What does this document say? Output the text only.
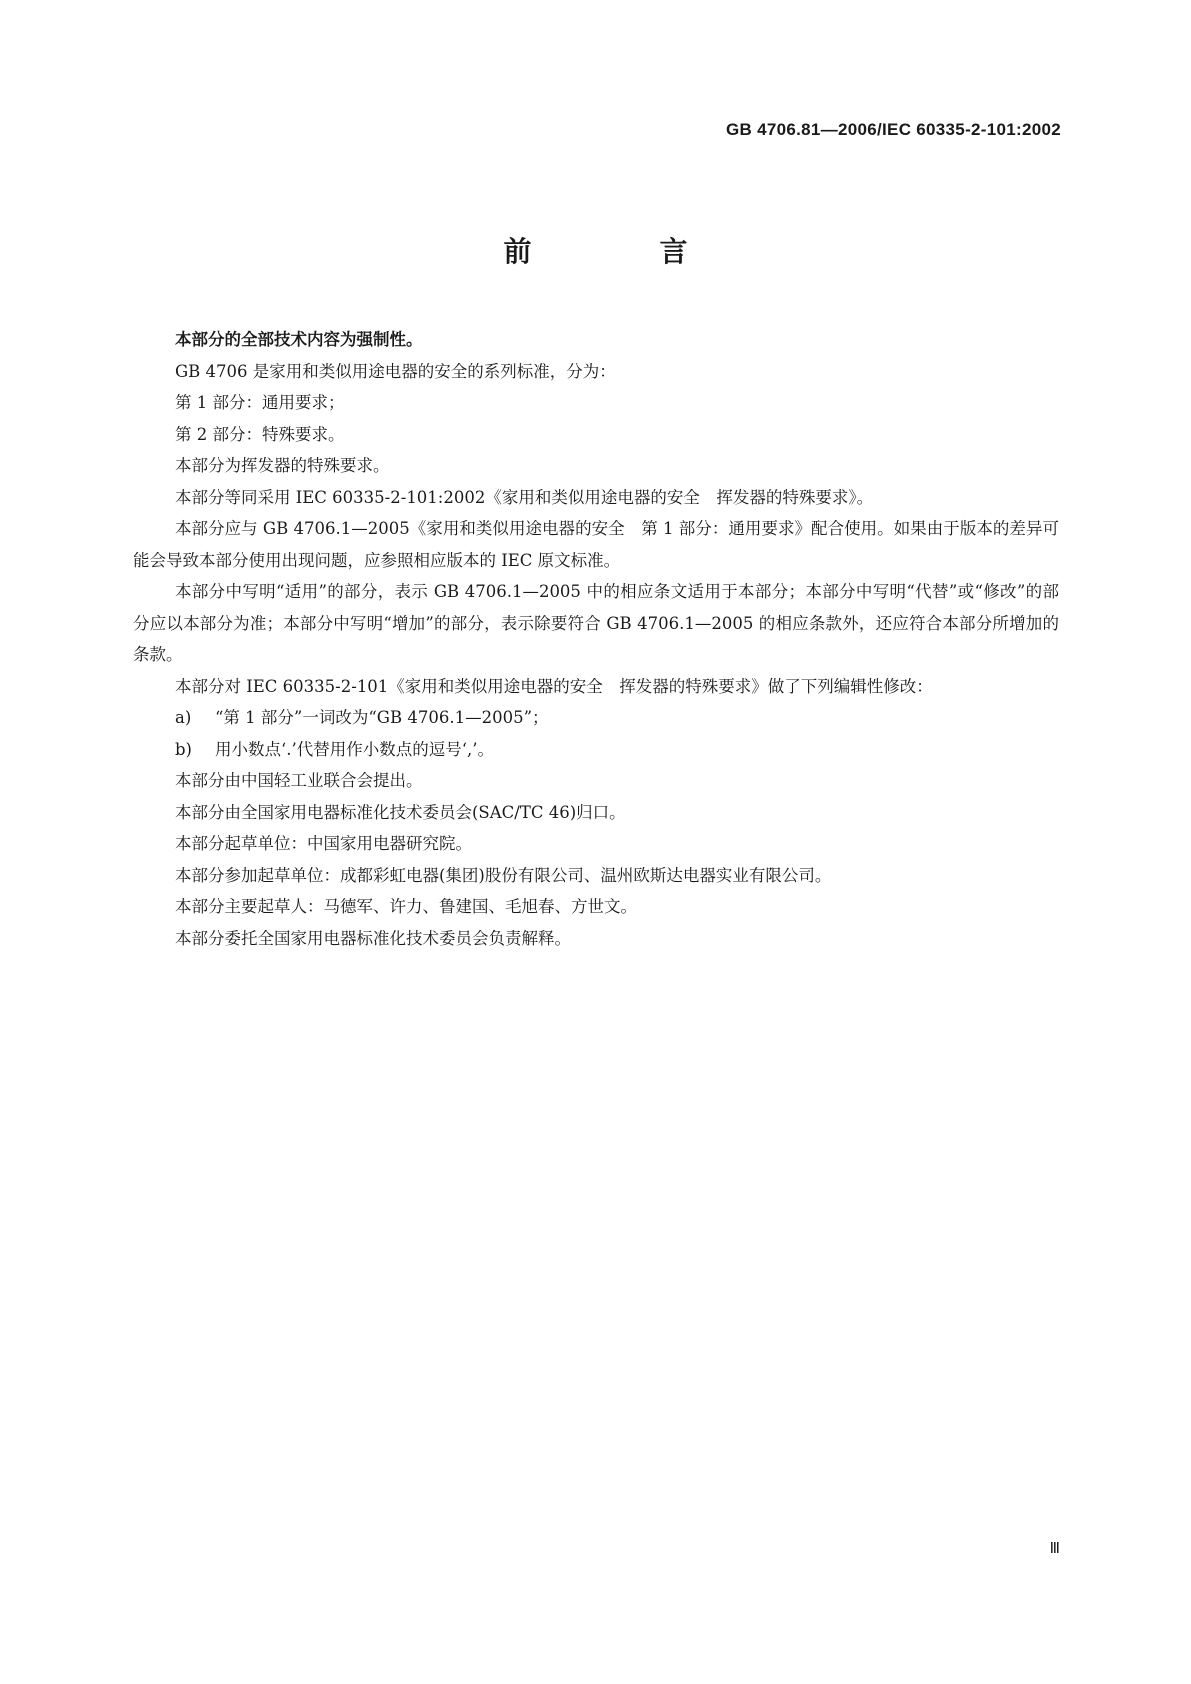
GB 4706.81—2006/IEC 60335-2-101:2002
前　言

本部分的全部技术内容为强制性。

GB 4706 是家用和类似用途电器的安全的系列标准，分为：

第 1 部分：通用要求；

第 2 部分：特殊要求。

本部分为挥发器的特殊要求。

本部分等同采用 IEC 60335-2-101:2002《家用和类似用途电器的安全　挥发器的特殊要求》。

本部分应与 GB 4706.1—2005《家用和类似用途电器的安全　第 1 部分：通用要求》配合使用。如果由于版本的差异可能会导致本部分使用出现问题，应参照相应版本的 IEC 原文标准。

本部分中写明“适用”的部分，表示 GB 4706.1—2005 中的相应条文适用于本部分；本部分中写明“代替”或“修改”的部分应以本部分为准；本部分中写明“增加”的部分，表示除要符合 GB 4706.1—2005 的相应条款外，还应符合本部分所增加的条款。

本部分对 IEC 60335-2-101《家用和类似用途电器的安全　挥发器的特殊要求》做了下列编辑性修改：

a) “第 1 部分”一词改为“GB 4706.1—2005”；

b) 用小数点‘.’代替用作小数点的逗号‘,’。

本部分由中国轻工业联合会提出。

本部分由全国家用电器标准化技术委员会(SAC/TC 46)归口。

本部分起草单位：中国家用电器研究院。

本部分参加起草单位：成都彩虹电器(集团)股份有限公司、温州欧斯达电器实业有限公司。

本部分主要起草人：马德军、许力、鲁建国、毛旭春、方世文。

本部分委托全国家用电器标准化技术委员会负责解释。

Ⅲ
